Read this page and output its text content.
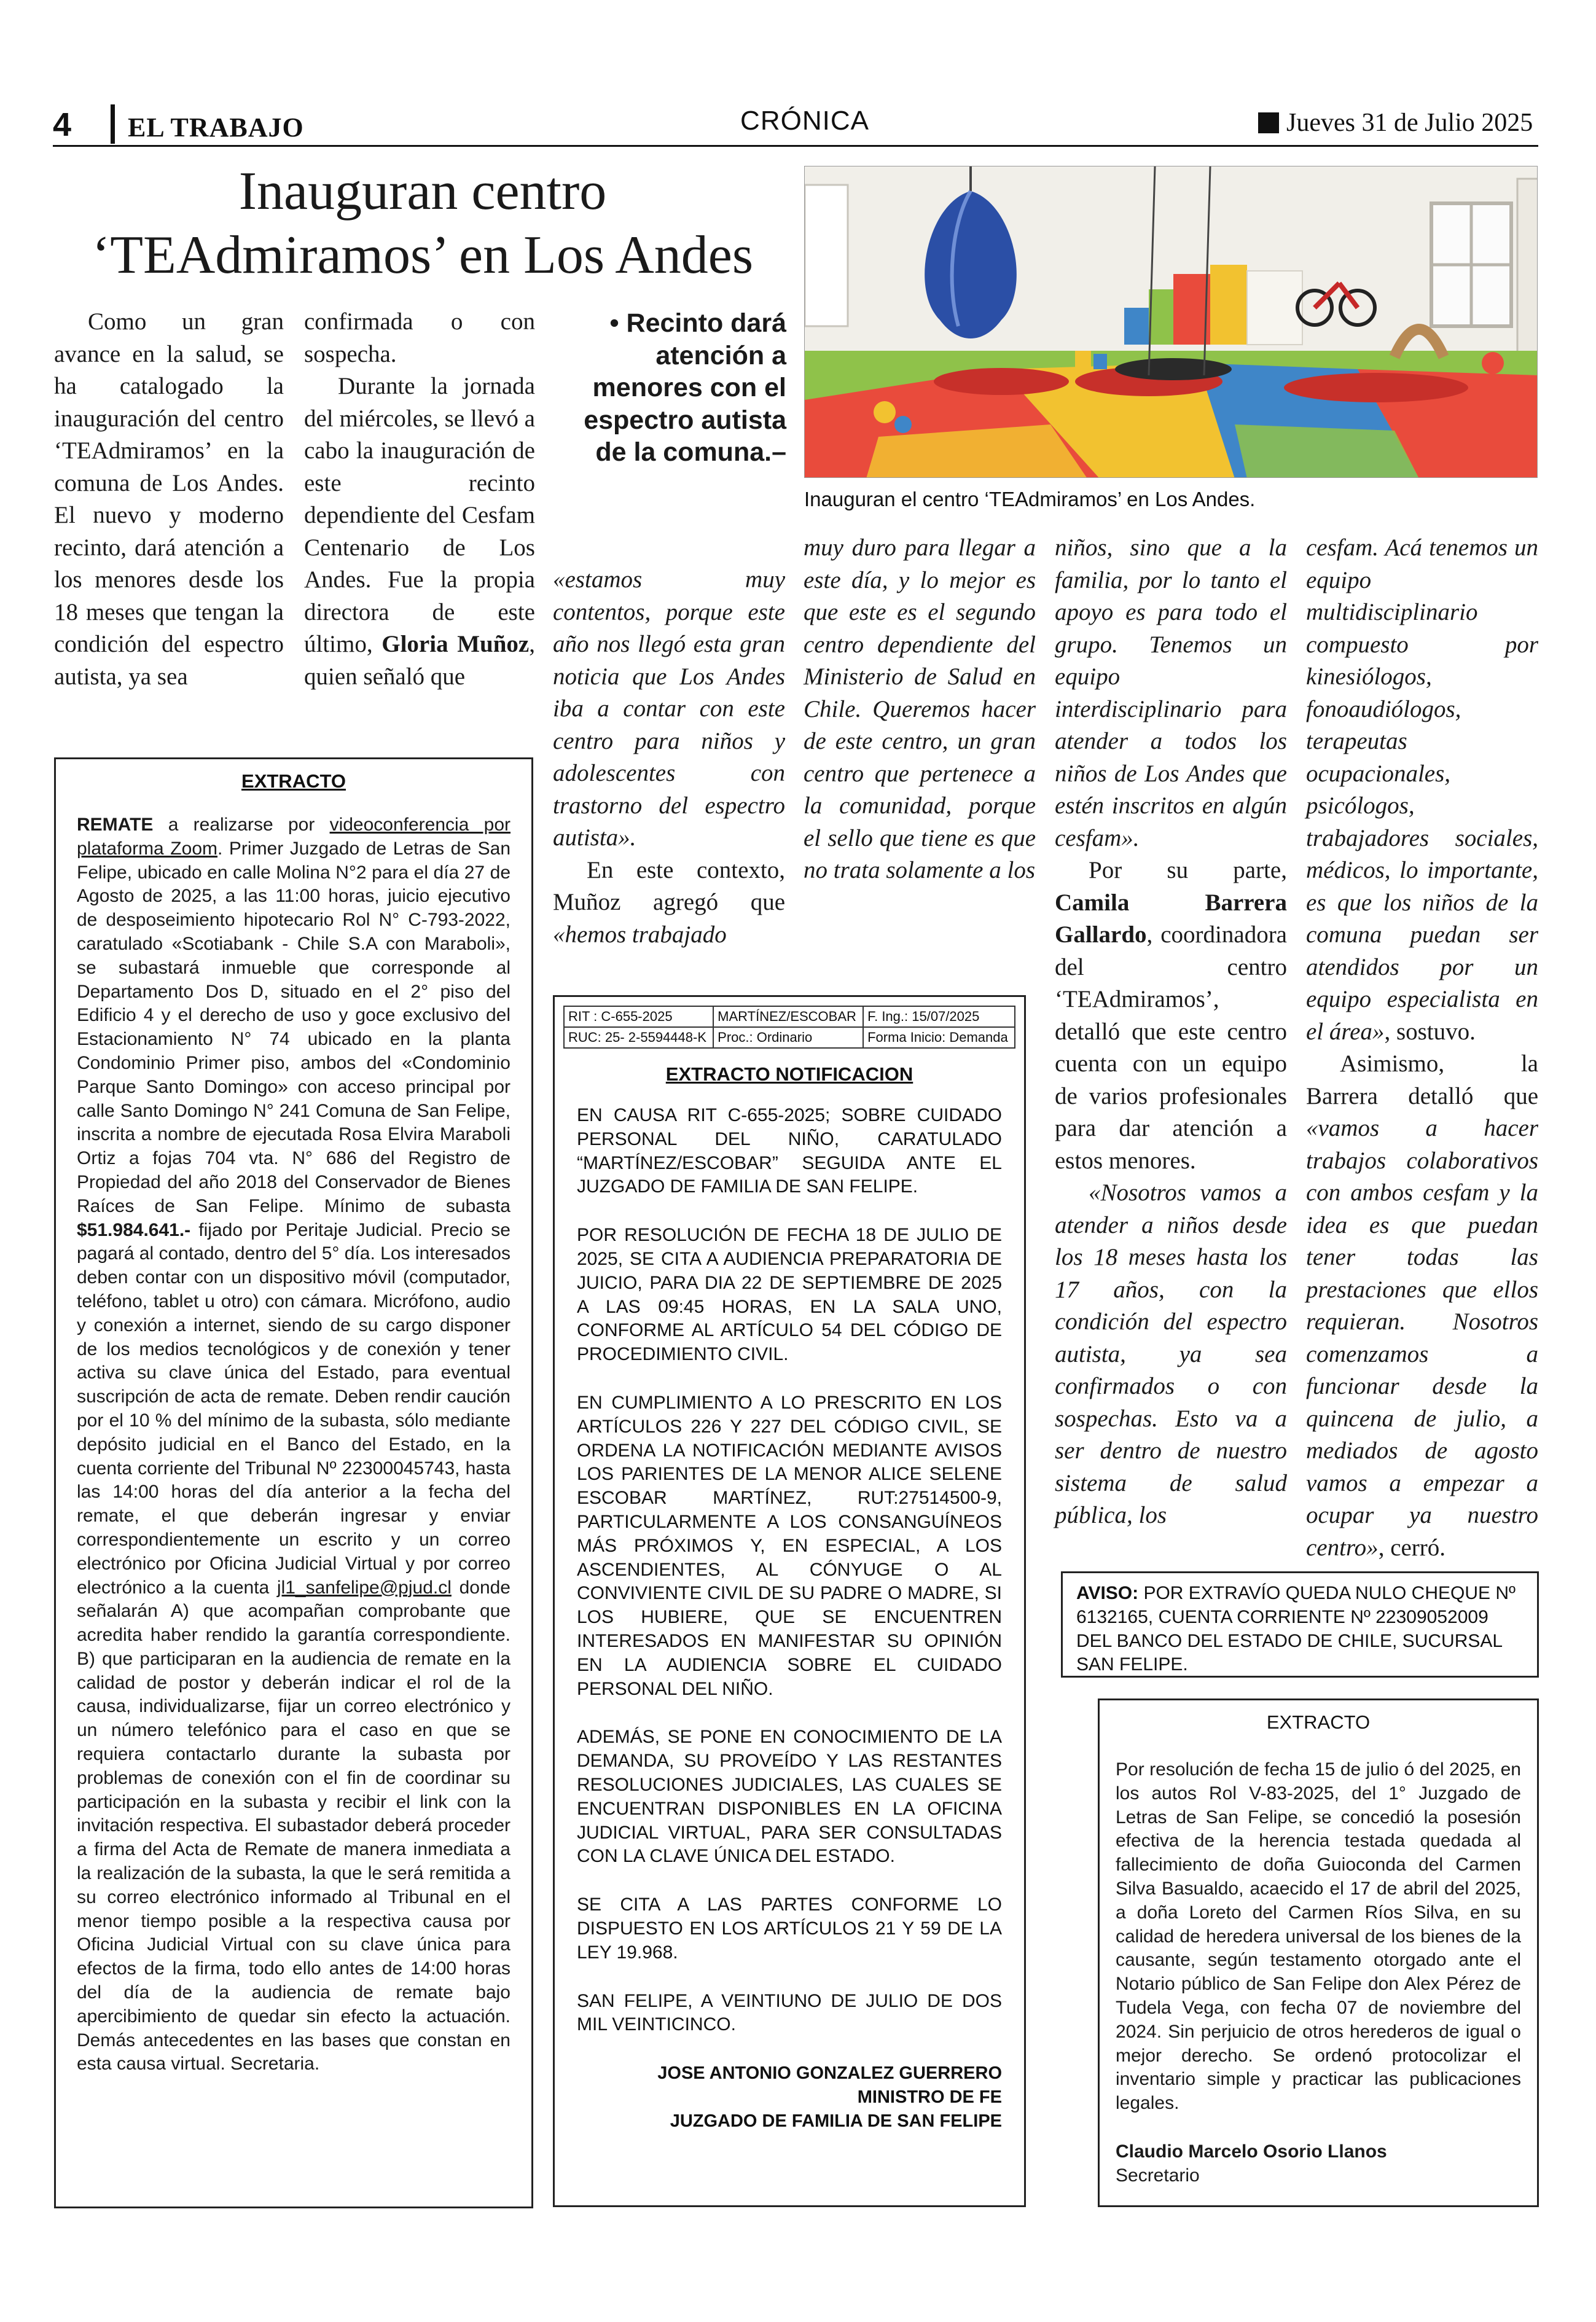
4 EL TRABAJO	CRÓNICA	Jueves 31 de Julio 2025
Inauguran centro
‘TEAdmiramos’ en Los Andes
Inauguran el centro ‘TEAdmiramos’ en Los Andes.

Como un gran avance en la salud, se ha catalogado la inauguración del centro ‘TEAdmiramos’ en la comuna de Los Andes. El nuevo y moderno recinto, dará atención a los menores desde los 18 meses que tengan la condición del espectro autista, ya sea

confirmada o con sospecha.

Durante la jornada del miércoles, se llevó a cabo la inauguración de este recinto dependiente del Cesfam Centenario de Los Andes. Fue la propia directora de este último, Gloria Muñoz, quien señaló que

• Recinto dará atención a menores con el espectro autista de la comuna.–

«estamos muy contentos, porque este año nos llegó esta gran noticia que Los Andes iba a contar con este centro para niños y adolescentes con trastorno del espectro autista».

En este contexto, Muñoz agregó que «hemos trabajado

muy duro para llegar a este día, y lo mejor es que este es el segundo centro dependiente del Ministerio de Salud en Chile. Queremos hacer de este centro, un gran centro que pertenece a la comunidad, porque el sello que tiene es que no trata solamente a los

niños, sino que a la familia, por lo tanto el apoyo es para todo el grupo. Tenemos un equipo interdisciplinario para atender a todos los niños de Los Andes que estén inscritos en algún cesfam».

Por su parte, Camila Barrera Gallardo, coordinadora del centro ‘TEAdmiramos’, detalló que este centro cuenta con un equipo de varios profesionales para dar atención a estos menores.

«Nosotros vamos a atender a niños desde los 18 meses hasta los 17 años, con la condición del espectro autista, ya sea confirmados o con sospechas. Esto va a ser dentro de nuestro sistema de salud pública, los

cesfam. Acá tenemos un equipo multidisciplinario compuesto por kinesiólogos, fonoaudiólogos, terapeutas ocupacionales, psicólogos, trabajadores sociales, médicos, lo importante, es que los niños de la comuna puedan ser atendidos por un equipo especialista en el área», sostuvo.

Asimismo, la Barrera detalló que «vamos a hacer trabajos colaborativos con ambos cesfam y la idea es que puedan tener todas las prestaciones que ellos requieran. Nosotros comenzamos a funcionar desde la quincena de julio, a mediados de agosto vamos a empezar a ocupar ya nuestro centro», cerró.

EXTRACTO
REMATE a realizarse por videoconferencia por plataforma Zoom. Primer Juzgado de Letras de San Felipe, ubicado en calle Molina N°2 para el día 27 de Agosto de 2025, a las 11:00 horas, juicio ejecutivo de desposeimiento hipotecario Rol N° C-793-2022, caratulado «Scotiabank - Chile S.A con Maraboli», se subastará inmueble que corresponde al Departamento Dos D, situado en el 2° piso del Edificio 4 y el derecho de uso y goce exclusivo del Estacionamiento N° 74 ubicado en la planta Condominio Primer piso, ambos del «Condominio Parque Santo Domingo» con acceso principal por calle Santo Domingo N° 241 Comuna de San Felipe, inscrita a nombre de ejecutada Rosa Elvira Maraboli Ortiz a fojas 704 vta. N° 686 del Registro de Propiedad del año 2018 del Conservador de Bienes Raíces de San Felipe. Mínimo de subasta $51.984.641.- fijado por Peritaje Judicial. Precio se pagará al contado, dentro del 5° día. Los interesados deben contar con un dispositivo móvil (computador, teléfono, tablet u otro) con cámara. Micrófono, audio y conexión a internet, siendo de su cargo disponer de los medios tecnológicos y de conexión y tener activa su clave única del Estado, para eventual suscripción de acta de remate. Deben rendir caución por el 10 % del mínimo de la subasta, sólo mediante depósito judicial en el Banco del Estado, en la cuenta corriente del Tribunal Nº 22300045743, hasta las 14:00 horas del día anterior a la fecha del remate, el que deberán ingresar y enviar correspondientemente un escrito y un correo electrónico por Oficina Judicial Virtual y por correo electrónico a la cuenta jl1_sanfelipe@pjud.cl donde señalarán A) que acompañan comprobante que acredita haber rendido la garantía correspondiente. B) que participaran en la audiencia de remate en la calidad de postor y deberán indicar el rol de la causa, individualizarse, fijar un correo electrónico y un número telefónico para el caso en que se requiera contactarlo durante la subasta por problemas de conexión con el fin de coordinar su participación en la subasta y recibir el link con la invitación respectiva. El subastador deberá proceder a firma del Acta de Remate de manera inmediata a la realización de la subasta, la que le será remitida a su correo electrónico informado al Tribunal en el menor tiempo posible a la respectiva causa por Oficina Judicial Virtual con su clave única para efectos de la firma, todo ello antes de 14:00 horas del día de la audiencia de remate bajo apercibimiento de quedar sin efecto la actuación. Demás antecedentes en las bases que constan en esta causa virtual. Secretaria.
RIT : C-655-2025	MARTÍNEZ/ESCOBAR	F. Ing.: 15/07/2025
RUC: 25- 2-5594448-K	Proc.: Ordinario	Forma Inicio: Demanda
EXTRACTO NOTIFICACION

EN CAUSA RIT C-655-2025; SOBRE CUIDADO PERSONAL DEL NIÑO, CARATULADO “MARTÍNEZ/ESCOBAR” SEGUIDA ANTE EL JUZGADO DE FAMILIA DE SAN FELIPE.

POR RESOLUCIÓN DE FECHA 18 DE JULIO DE 2025, SE CITA A AUDIENCIA PREPARATORIA DE JUICIO, PARA DIA 22 DE SEPTIEMBRE DE 2025 A LAS 09:45 HORAS, EN LA SALA UNO, CONFORME AL ARTÍCULO 54 DEL CÓDIGO DE PROCEDIMIENTO CIVIL.

EN CUMPLIMIENTO A LO PRESCRITO EN LOS ARTÍCULOS 226 Y 227 DEL CÓDIGO CIVIL, SE ORDENA LA NOTIFICACIÓN MEDIANTE AVISOS LOS PARIENTES DE LA MENOR ALICE SELENE ESCOBAR MARTÍNEZ, RUT:27514500-9, PARTICULARMENTE A LOS CONSANGUÍNEOS MÁS PRÓXIMOS Y, EN ESPECIAL, A LOS ASCENDIENTES, AL CÓNYUGE O AL CONVIVIENTE CIVIL DE SU PADRE O MADRE, SI LOS HUBIERE, QUE SE ENCUENTREN INTERESADOS EN MANIFESTAR SU OPINIÓN EN LA AUDIENCIA SOBRE EL CUIDADO PERSONAL DEL NIÑO.

ADEMÁS, SE PONE EN CONOCIMIENTO DE LA DEMANDA, SU PROVEÍDO Y LAS RESTANTES RESOLUCIONES JUDICIALES, LAS CUALES SE ENCUENTRAN DISPONIBLES EN LA OFICINA JUDICIAL VIRTUAL, PARA SER CONSULTADAS CON LA CLAVE ÚNICA DEL ESTADO.

SE CITA A LAS PARTES CONFORME LO DISPUESTO EN LOS ARTÍCULOS 21 Y 59 DE LA LEY 19.968.

SAN FELIPE, A VEINTIUNO DE JULIO DE DOS MIL VEINTICINCO.

JOSE ANTONIO GONZALEZ GUERRERO
MINISTRO DE FE
JUZGADO DE FAMILIA DE SAN FELIPE
AVISO: POR EXTRAVÍO QUEDA NULO CHEQUE Nº 6132165, CUENTA CORRIENTE Nº 22309052009 DEL BANCO DEL ESTADO DE CHILE, SUCURSAL SAN FELIPE.
EXTRACTO
Por resolución de fecha 15 de julio ó del 2025, en los autos Rol V-83-2025, del 1° Juzgado de Letras de San Felipe, se concedió la posesión efectiva de la herencia testada quedada al fallecimiento de doña Guioconda del Carmen Silva Basualdo, acaecido el 17 de abril del 2025, a doña Loreto del Carmen Ríos Silva, en su calidad de heredera universal de los bienes de la causante, según testamento otorgado ante el Notario público de San Felipe don Alex Pérez de Tudela Vega, con fecha 07 de noviembre del 2024. Sin perjuicio de otros herederos de igual o mejor derecho. Se ordenó protocolizar el inventario simple y practicar las publicaciones legales.
Claudio Marcelo Osorio Llanos
Secretario
